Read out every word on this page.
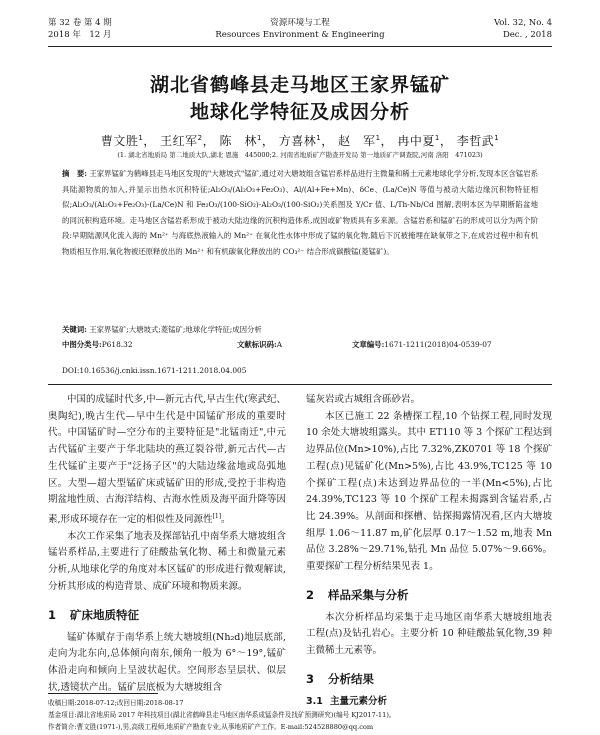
第 32 卷 第 4 期
2018 年　12 月
资源环境与工程
Resources Environment & Engineering
Vol. 32, No. 4
Dec. , 2018
湖北省鹤峰县走马地区王家界锰矿
地球化学特征及成因分析
曹文胜$^1$， 王红军$^2$， 陈　林$^1$， 方喜林$^1$， 赵　军$^1$， 冉中夏$^1$， 李哲武$^1$
(1. 湖北省地质局 第二地质大队,湖北 恩施　445000;2. 河南省地质矿产勘查开发局 第一地质矿产调查院,河南 洛阳　471023)
摘　要: 王家界锰矿为鹤峰县走马地区发现的"大塘坡式"锰矿,通过对大塘坡组含锰岩系样品进行主微量和稀土元素地球化学分析,发现本区含锰岩系具陆源物质的加入,并显示出热水沉积特征;Al₂O₃/(Al₂O₃+Fe₂O₃)、Al/(Al+Fe+Mn)、δCe、(La/Ce)N 等值与被动大陆边缘沉积物特征相似;Al₂O₃/(Al₂O₃+Fe₂O₃)-(La/Ce)N 和 Fe₂O₃/(100-SiO₂)-Al₂O₃/(100-SiO₂)关系图及 Y/Cr 值、L/Th-Nb/Cd 图解,表明本区为早期断陷盆地的同沉积构造环境。走马地区含锰岩系形成于被动大陆边缘的沉积构造体系,成因或矿物质具有多来源。含锰岩系和锰矿石的形成可以分为两个阶段:早期陆源风化流入海的 Mn²⁺ 与海底热液输入的 Mn²⁺ 在氧化性水体中形成了锰的氧化物,随后下沉被掩埋在缺氧带之下,在成岩过程中和有机物质相互作用,氧化物被还原释放出的 Mn²⁺ 和有机碳氧化释放出的 CO₃²⁻ 结合形成碳酸锰(菱锰矿)。
关键词: 王家界锰矿;大塘坡式;菱锰矿;地球化学特征;成因分析
中图分类号:P618.32	文献标识码:A	文章编号:1671-1211(2018)04-0539-07
DOI:10.16536/j.cnki.issn.1671-1211.2018.04.005

中国的成锰时代多,中—新元古代,早古生代(寒武纪、奥陶纪),晚古生代—早中生代是中国锰矿形成的重要时代。中国锰矿时—空分布的主要特征是"北锰南迁",中元古代锰矿主要产于华北陆块的燕辽裂谷带,新元古代—古生代锰矿主要产于"泛扬子区"的大陆边缘盆地或岛弧地区。大型—超大型锰矿床或锰矿田的形成,受控于非构造期盆地性质、古海洋结构、古海水性质及海平面升降等因素,形成环境存在一定的相似性及同源性[1]。

本次工作采集了地表及探部钻孔中南华系大塘坡组含锰岩系样品,主要进行了硅酸盐氧化物、稀土和微量元素分析,从地球化学的角度对本区锰矿的形成进行微观解读,分析其形成的构造背景、成矿环境和物质来源。

1 矿床地质特征

锰矿体赋存于南华系上统大塘坡组(Nh₂d)地层底部,走向为北东向,总体倾向南东,倾角一般为 6°～19°,锰矿体沿走向和倾向上呈波状起伏。空间形态呈层状、似层状,透镜状产出。锰矿层底板为大塘坡组含

锰灰岩或古城组含砾砂岩。

本区已施工 22 条槽探工程,10 个钻探工程,同时发现 10 余处大塘坡组露头。其中 ET110 等 3 个探矿工程达到边界品位(Mn>10%),占比 7.32%,ZK0701 等 18 个探矿工程(点)见锰矿化(Mn>5%),占比 43.9%,TC125 等 10 个探矿工程(点)未达到边界品位的一半(Mn<5%),占比 24.39%,TC123 等 10 个探矿工程未揭露到含锰岩系,占比 24.39%。从剖面和探槽、钻探揭露情况看,区内大塘坡组厚 1.06～11.87 m,矿化层厚 0.17～1.52 m,地表 Mn 品位 3.28%～29.71%,钻孔 Mn 品位 5.07%～9.66%。重要探矿工程分析结果见表 1。

2 样品采集与分析

本次分析样品均采集于走马地区南华系大塘坡组地表工程(点)及钻孔岩心。主要分析 10 种硅酸盐氧化物,39 种主微稀土元素等。

3 分析结果
3.1 主量元素分析
收稿日期:2018-07-12;改回日期:2018-08-17
基金项目:湖北省地质局 2017 年科技项目(湖北省鹤峰县走马地区南华系成锰条件及找矿预测研究)(编号 KJ2017-11)。
作者简介:曹文胜(1971-),男,高级工程师,地质矿产勘查专业,从事地质矿产工作。E-mail:524528880@qq.com
